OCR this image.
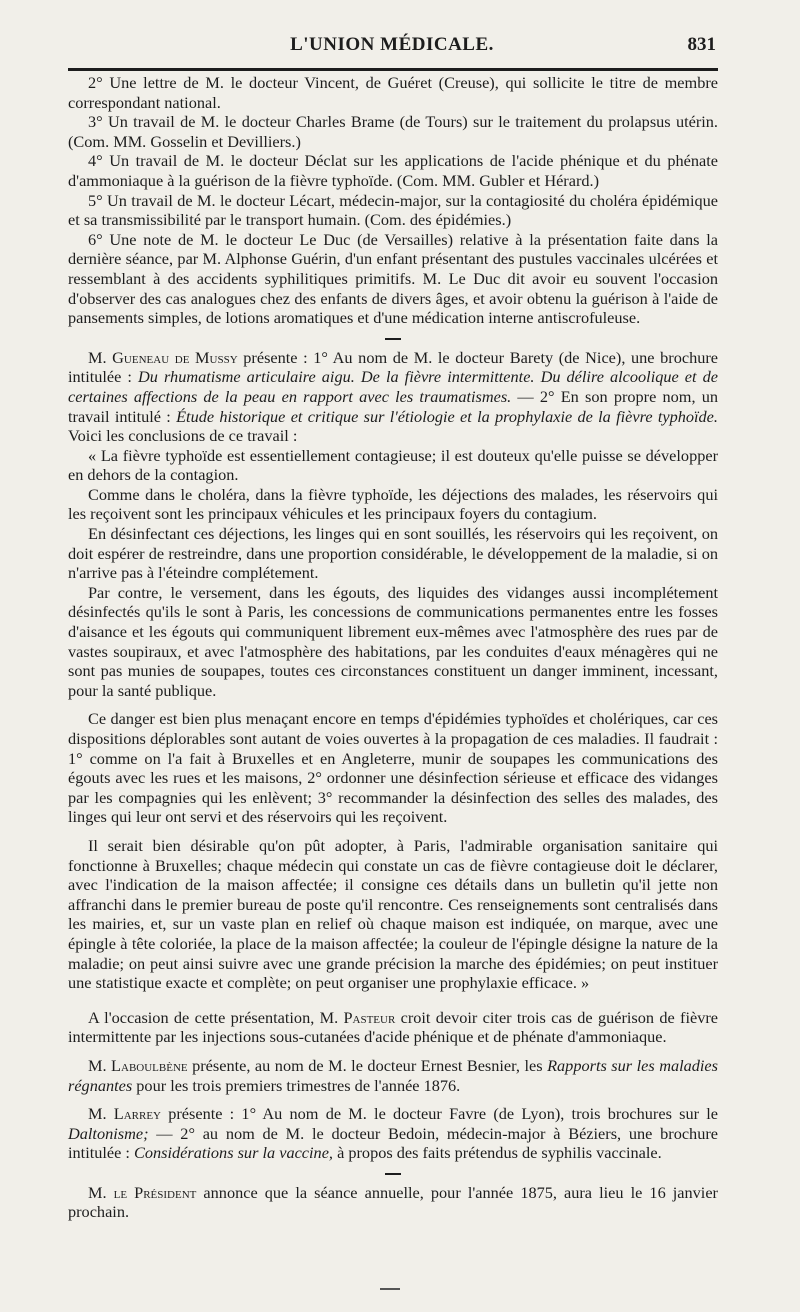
L'UNION MÉDICALE.	831

2° Une lettre de M. le docteur Vincent, de Guéret (Creuse), qui sollicite le titre de membre correspondant national.

3° Un travail de M. le docteur Charles Brame (de Tours) sur le traitement du prolapsus utérin. (Com. MM. Gosselin et Devilliers.)

4° Un travail de M. le docteur Déclat sur les applications de l'acide phénique et du phénate d'ammoniaque à la guérison de la fièvre typhoïde. (Com. MM. Gubler et Hérard.)

5° Un travail de M. le docteur Lécart, médecin-major, sur la contagiosité du choléra épidémique et sa transmissibilité par le transport humain. (Com. des épidémies.)

6° Une note de M. le docteur Le Duc (de Versailles) relative à la présentation faite dans la dernière séance, par M. Alphonse Guérin, d'un enfant présentant des pustules vaccinales ulcérées et ressemblant à des accidents syphilitiques primitifs. M. Le Duc dit avoir eu souvent l'occasion d'observer des cas analogues chez des enfants de divers âges, et avoir obtenu la guérison à l'aide de pansements simples, de lotions aromatiques et d'une médication interne antiscrofuleuse.

M. Gueneau de Mussy présente : 1° Au nom de M. le docteur Barety (de Nice), une brochure intitulée : Du rhumatisme articulaire aigu. De la fièvre intermittente. Du délire alcoolique et de certaines affections de la peau en rapport avec les traumatismes. — 2° En son propre nom, un travail intitulé : Étude historique et critique sur l'étiologie et la prophylaxie de la fièvre typhoïde. Voici les conclusions de ce travail :

« La fièvre typhoïde est essentiellement contagieuse; il est douteux qu'elle puisse se développer en dehors de la contagion.

Comme dans le choléra, dans la fièvre typhoïde, les déjections des malades, les réservoirs qui les reçoivent sont les principaux véhicules et les principaux foyers du contagium.

En désinfectant ces déjections, les linges qui en sont souillés, les réservoirs qui les reçoivent, on doit espérer de restreindre, dans une proportion considérable, le développement de la maladie, si on n'arrive pas à l'éteindre complétement.

Par contre, le versement, dans les égouts, des liquides des vidanges aussi incomplétement désinfectés qu'ils le sont à Paris, les concessions de communications permanentes entre les fosses d'aisance et les égouts qui communiquent librement eux-mêmes avec l'atmosphère des rues par de vastes soupiraux, et avec l'atmosphère des habitations, par les conduites d'eaux ménagères qui ne sont pas munies de soupapes, toutes ces circonstances constituent un danger imminent, incessant, pour la santé publique.

Ce danger est bien plus menaçant encore en temps d'épidémies typhoïdes et cholériques, car ces dispositions déplorables sont autant de voies ouvertes à la propagation de ces maladies. Il faudrait : 1° comme on l'a fait à Bruxelles et en Angleterre, munir de soupapes les communications des égouts avec les rues et les maisons, 2° ordonner une désinfection sérieuse et efficace des vidanges par les compagnies qui les enlèvent; 3° recommander la désinfection des selles des malades, des linges qui leur ont servi et des réservoirs qui les reçoivent.

Il serait bien désirable qu'on pût adopter, à Paris, l'admirable organisation sanitaire qui fonctionne à Bruxelles; chaque médecin qui constate un cas de fièvre contagieuse doit le déclarer, avec l'indication de la maison affectée; il consigne ces détails dans un bulletin qu'il jette non affranchi dans le premier bureau de poste qu'il rencontre. Ces renseignements sont centralisés dans les mairies, et, sur un vaste plan en relief où chaque maison est indiquée, on marque, avec une épingle à tête coloriée, la place de la maison affectée; la couleur de l'épingle désigne la nature de la maladie; on peut ainsi suivre avec une grande précision la marche des épidémies; on peut instituer une statistique exacte et complète; on peut organiser une prophylaxie efficace. »

A l'occasion de cette présentation, M. Pasteur croit devoir citer trois cas de guérison de fièvre intermittente par les injections sous-cutanées d'acide phénique et de phénate d'ammoniaque.

M. Laboulbène présente, au nom de M. le docteur Ernest Besnier, les Rapports sur les maladies régnantes pour les trois premiers trimestres de l'année 1876.

M. Larrey présente : 1° Au nom de M. le docteur Favre (de Lyon), trois brochures sur le Daltonisme; — 2° au nom de M. le docteur Bedoin, médecin-major à Béziers, une brochure intitulée : Considérations sur la vaccine, à propos des faits prétendus de syphilis vaccinale.

M. le Président annonce que la séance annuelle, pour l'année 1875, aura lieu le 16 janvier prochain.
